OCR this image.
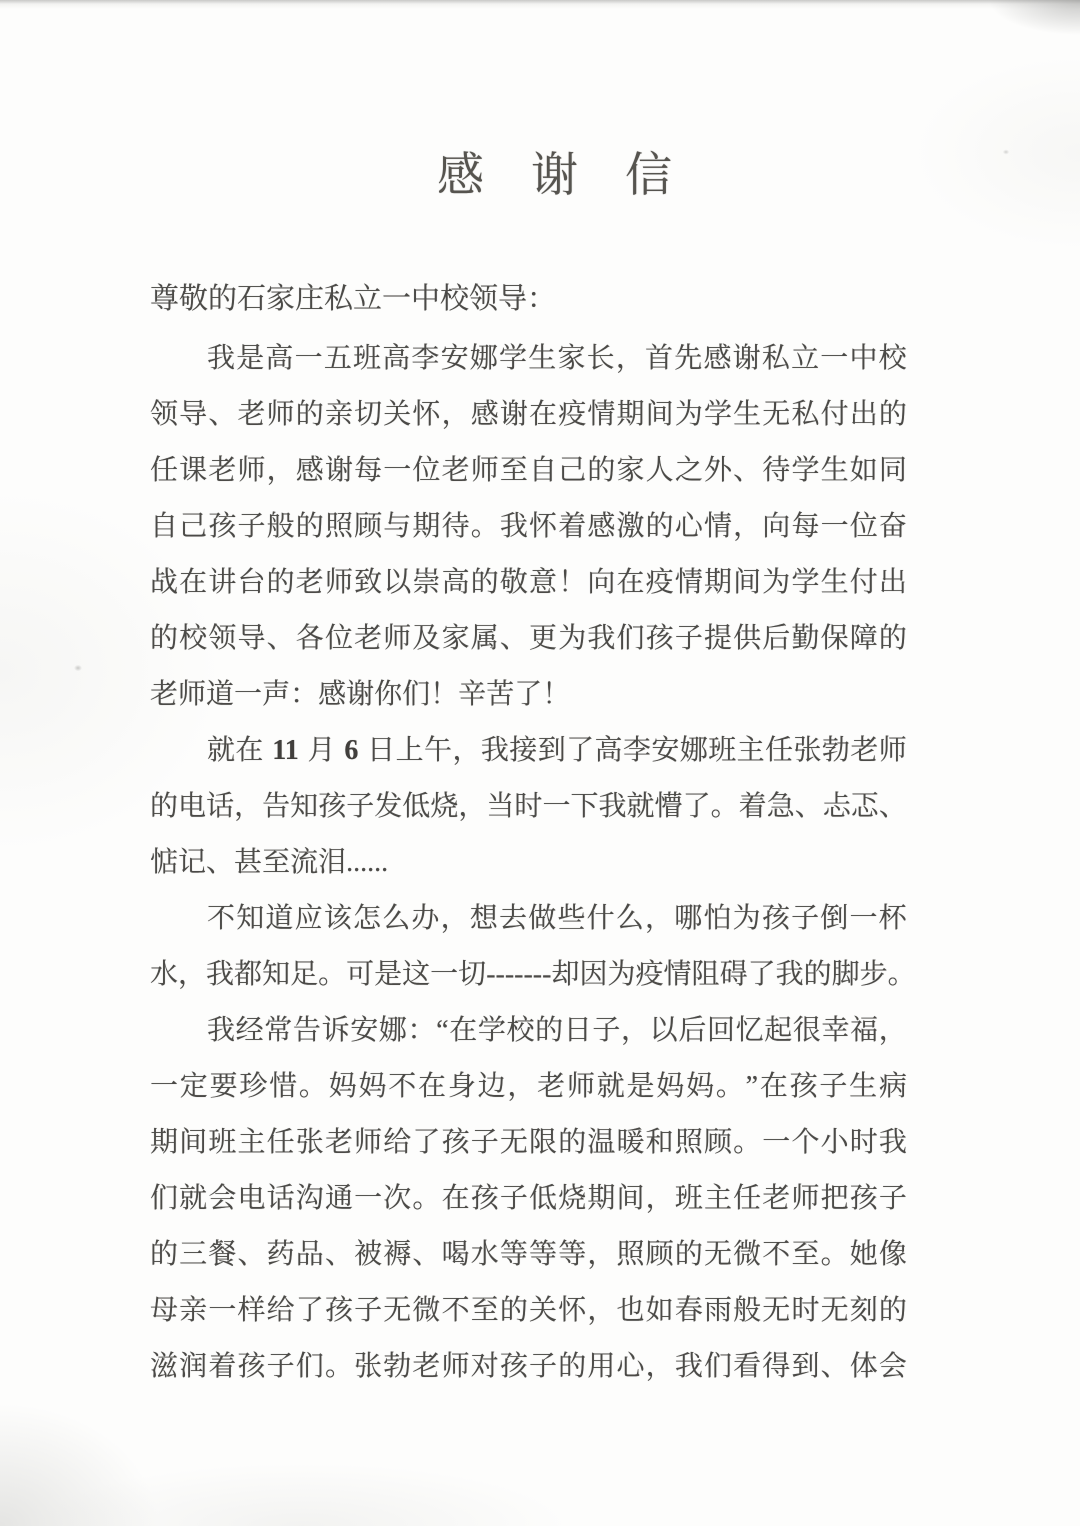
感谢信
尊敬的石家庄私立一中校领导：
我 是 高 一 五 班 高 李 安 娜 学 生 家 长 ， 首 先 感 谢 私 立 一 中 校
领 导 、 老 师 的 亲 切 关 怀 ， 感 谢 在 疫 情 期 间 为 学 生 无 私 付 出 的
任 课 老 师 ， 感 谢 每 一 位 老 师 至 自 己 的 家 人 之 外 、 待 学 生 如 同
自 己 孩 子 般 的 照 顾 与 期 待 。 我 怀 着 感 激 的 心 情 ， 向 每 一 位 奋
战 在 讲 台 的 老 师 致 以 崇 高 的 敬 意 ！ 向 在 疫 情 期 间 为 学 生 付 出
的 校 领 导 、 各 位 老 师 及 家 属 、 更 为 我 们 孩 子 提 供 后 勤 保 障 的
老师道一声：感谢你们！辛苦了！
就 在
11
月
6
日 上 午 ， 我 接 到 了 高 李 安 娜 班 主 任 张 勃 老 师
的 电 话 ， 告 知 孩 子 发 低 烧 ， 当 时 一 下 我 就 懵 了 。 着 急 、 忐 忑 、
惦记、甚至流泪......
不 知 道 应 该 怎 么 办 ， 想 去 做 些 什 么 ， 哪 怕 为 孩 子 倒 一 杯
水 ， 我 都 知 足 。 可 是 这 一 切 ------- 却 因 为 疫 情 阻 碍 了 我 的 脚 步 。
我 经 常 告 诉 安 娜 ： “ 在 学 校 的 日 子 ， 以 后 回 忆 起 很 幸 福 ，
一 定 要 珍 惜 。 妈 妈 不 在 身 边 ， 老 师 就 是 妈 妈 。 ” 在 孩 子 生 病
期 间 班 主 任 张 老 师 给 了 孩 子 无 限 的 温 暖 和 照 顾 。 一 个 小 时 我
们 就 会 电 话 沟 通 一 次 。 在 孩 子 低 烧 期 间 ， 班 主 任 老 师 把 孩 子
的 三 餐 、 药 品 、 被 褥 、 喝 水 等 等 等 ， 照 顾 的 无 微 不 至 。 她 像
母 亲 一 样 给 了 孩 子 无 微 不 至 的 关 怀 ， 也 如 春 雨 般 无 时 无 刻 的
滋 润 着 孩 子 们 。 张 勃 老 师 对 孩 子 的 用 心 ， 我 们 看 得 到 、 体 会
